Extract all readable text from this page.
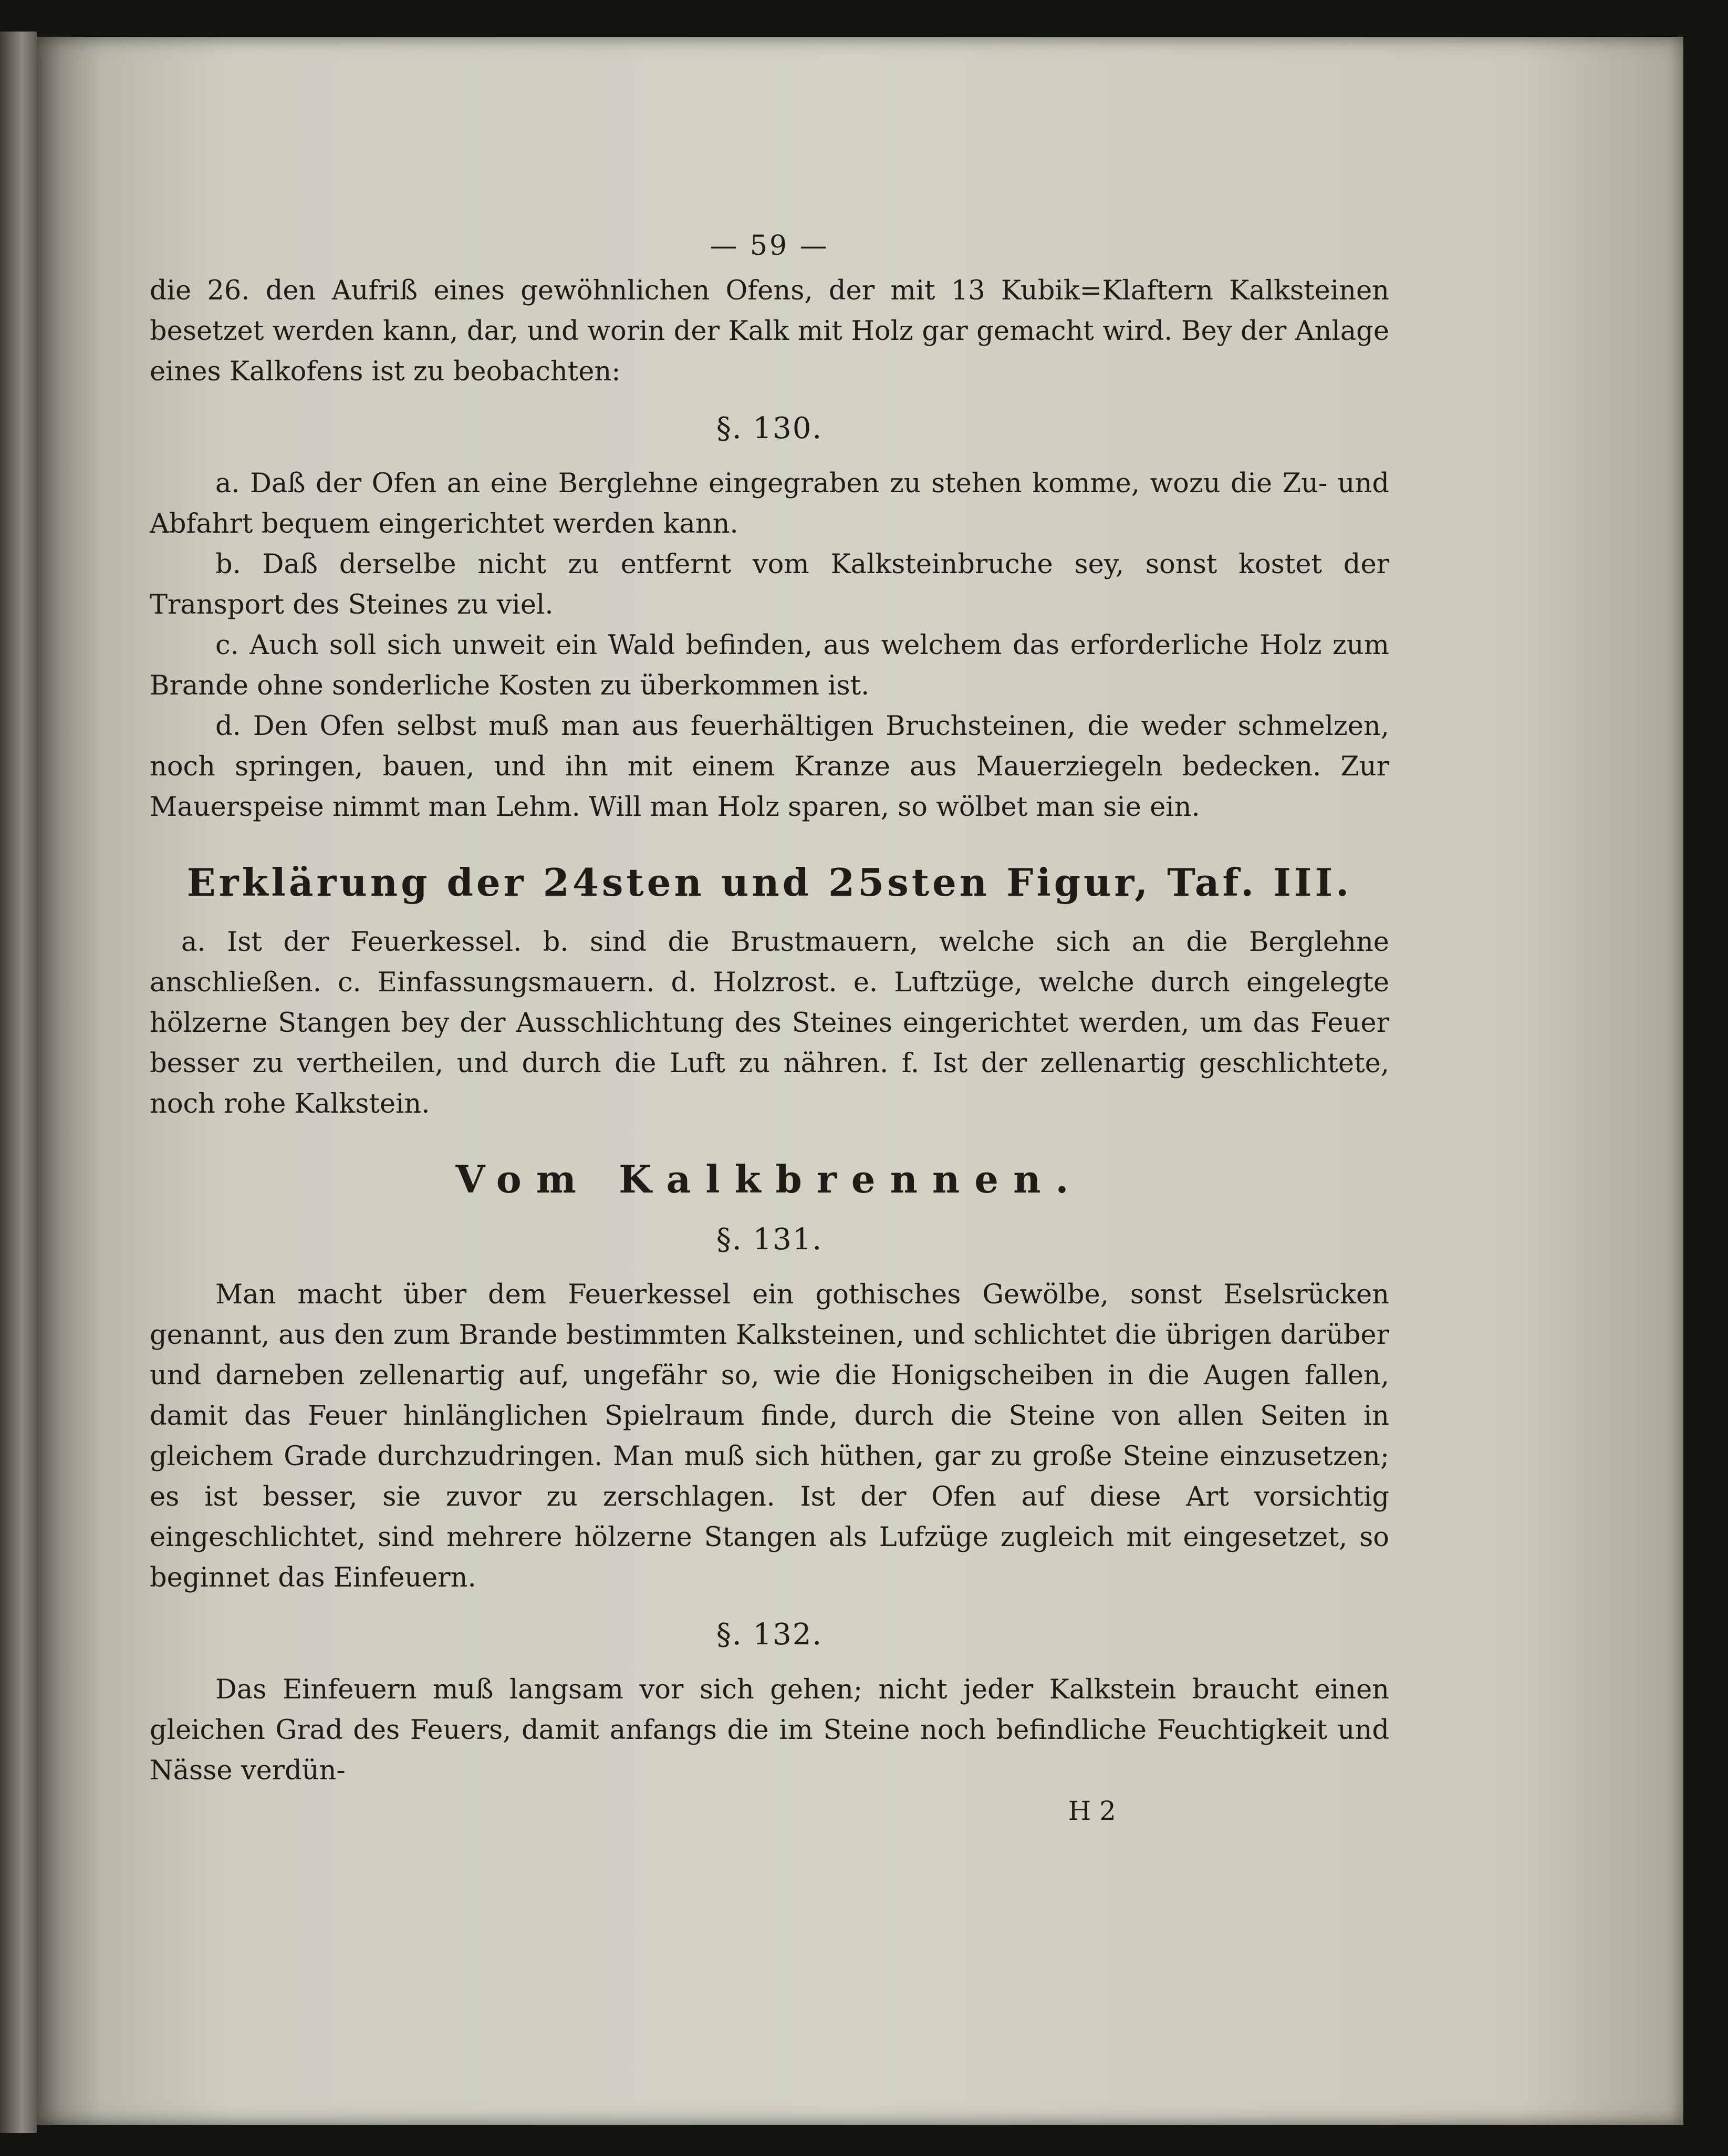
— 59 —

die 26. den Aufriß eines gewöhnlichen Ofens, der mit 13 Kubik=Klaftern Kalksteinen besetzet werden kann, dar, und worin der Kalk mit Holz gar gemacht wird. Bey der Anlage eines Kalkofens ist zu beobachten:

§. 130.

a. Daß der Ofen an eine Berglehne eingegraben zu stehen komme, wozu die Zu- und Abfahrt bequem eingerichtet werden kann.

b. Daß derselbe nicht zu entfernt vom Kalksteinbruche sey, sonst kostet der Transport des Steines zu viel.

c. Auch soll sich unweit ein Wald befinden, aus welchem das erforderliche Holz zum Brande ohne sonderliche Kosten zu überkommen ist.

d. Den Ofen selbst muß man aus feuerhältigen Bruchsteinen, die weder schmelzen, noch springen, bauen, und ihn mit einem Kranze aus Mauerziegeln bedecken. Zur Mauerspeise nimmt man Lehm. Will man Holz sparen, so wölbet man sie ein.

Erklärung der 24sten und 25sten Figur, Taf. III.

a. Ist der Feuerkessel. b. sind die Brustmauern, welche sich an die Berglehne anschließen. c. Einfassungsmauern. d. Holzrost. e. Luftzüge, welche durch eingelegte hölzerne Stangen bey der Ausschlichtung des Steines eingerichtet werden, um das Feuer besser zu vertheilen, und durch die Luft zu nähren. f. Ist der zellenartig geschlichtete, noch rohe Kalkstein.

Vom Kalkbrennen.
§. 131.

Man macht über dem Feuerkessel ein gothisches Gewölbe, sonst Eselsrücken genannt, aus den zum Brande bestimmten Kalksteinen, und schlichtet die übrigen darüber und darneben zellenartig auf, ungefähr so, wie die Honigscheiben in die Augen fallen, damit das Feuer hinlänglichen Spielraum finde, durch die Steine von allen Seiten in gleichem Grade durchzudringen. Man muß sich hüthen, gar zu große Steine einzusetzen; es ist besser, sie zuvor zu zerschlagen. Ist der Ofen auf diese Art vorsichtig eingeschlichtet, sind mehrere hölzerne Stangen als Lufzüge zugleich mit eingesetzet, so beginnet das Einfeuern.

§. 132.

Das Einfeuern muß langsam vor sich gehen; nicht jeder Kalkstein braucht einen gleichen Grad des Feuers, damit anfangs die im Steine noch befindliche Feuchtigkeit und Nässe verdün-

H 2
